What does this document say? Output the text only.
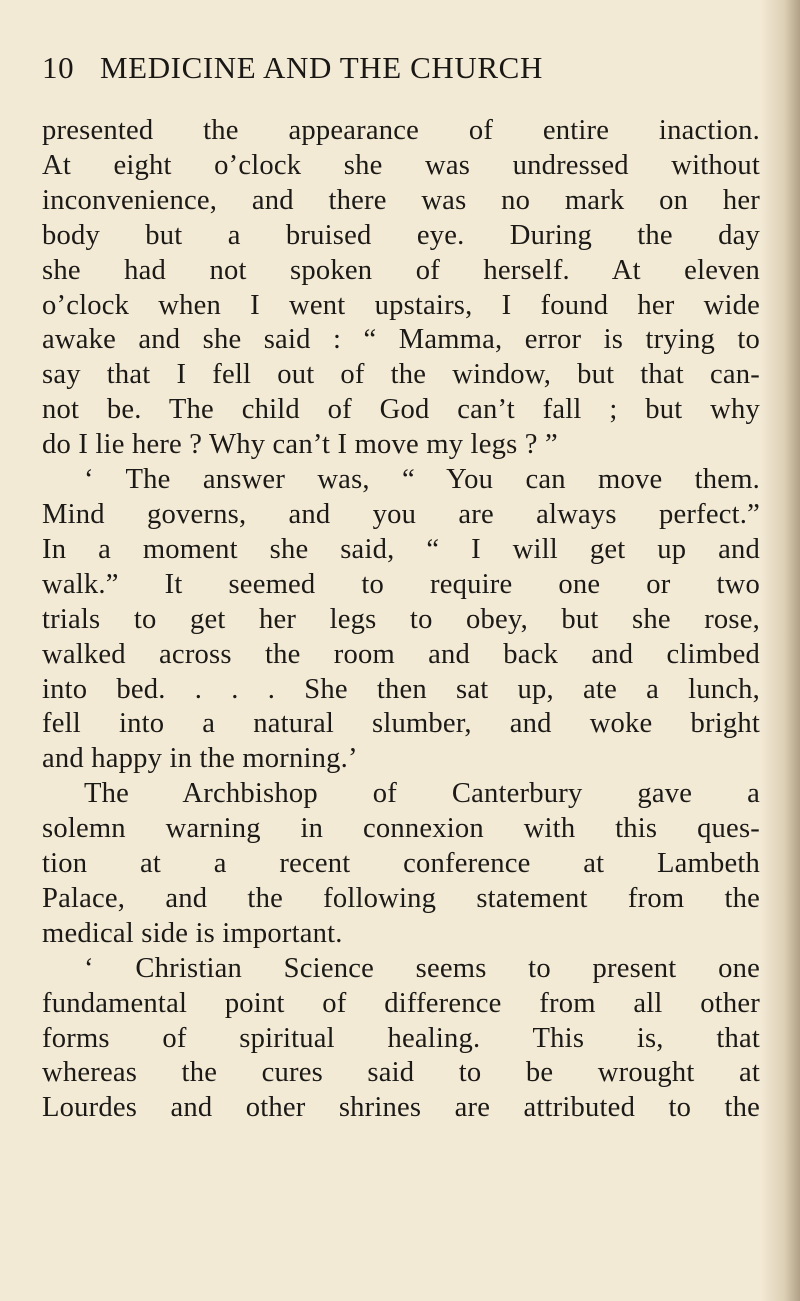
10 MEDICINE AND THE CHURCH

presented the appearance of entire inaction.
At eight o’clock she was undressed without
inconvenience, and there was no mark on her
body but a bruised eye. During the day
she had not spoken of herself. At eleven
o’clock when I went upstairs, I found her wide
awake and she said : “ Mamma, error is trying to
say that I fell out of the window, but that can-
not be. The child of God can’t fall ; but why
do I lie here ? Why can’t I move my legs ? ”

‘ The answer was, “ You can move them.
Mind governs, and you are always perfect.”
In a moment she said, “ I will get up and
walk.” It seemed to require one or two
trials to get her legs to obey, but she rose,
walked across the room and back and climbed
into bed. . . . She then sat up, ate a lunch,
fell into a natural slumber, and woke bright
and happy in the morning.’

The Archbishop of Canterbury gave a
solemn warning in connexion with this ques-
tion at a recent conference at Lambeth
Palace, and the following statement from the
medical side is important.

‘ Christian Science seems to present one
fundamental point of difference from all other
forms of spiritual healing. This is, that
whereas the cures said to be wrought at
Lourdes and other shrines are attributed to the
